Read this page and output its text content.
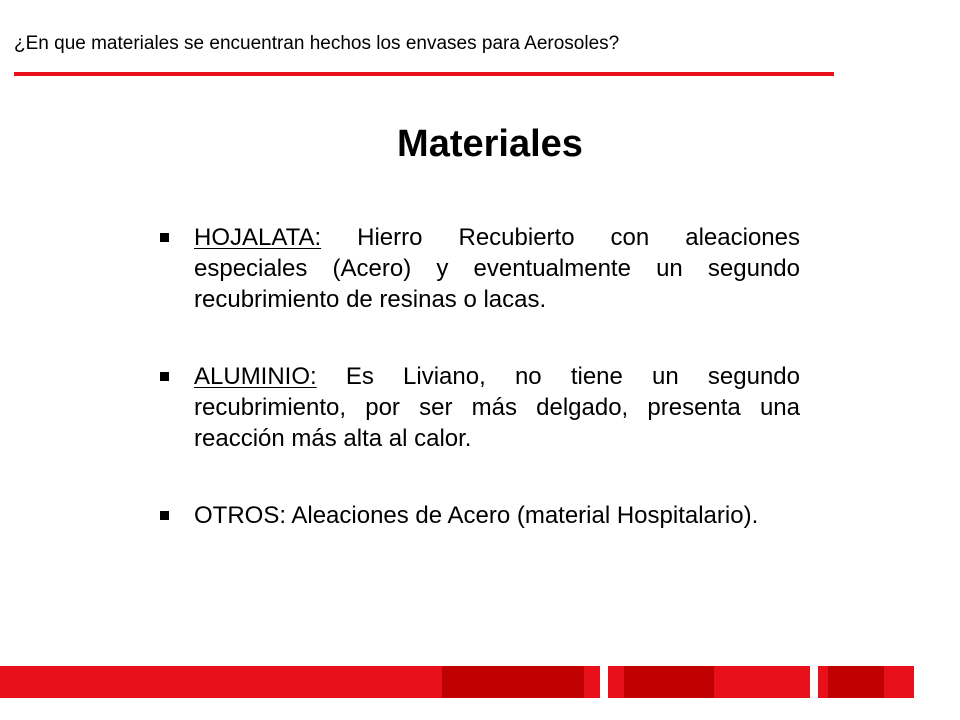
¿En que materiales se encuentran hechos los envases para Aerosoles?
Materiales
HOJALATA: Hierro Recubierto con aleaciones especiales (Acero) y eventualmente un segundo recubrimiento de resinas o lacas.
ALUMINIO: Es Liviano, no tiene un segundo recubrimiento, por ser más delgado, presenta una reacción más alta al calor.
OTROS: Aleaciones de Acero (material Hospitalario).
